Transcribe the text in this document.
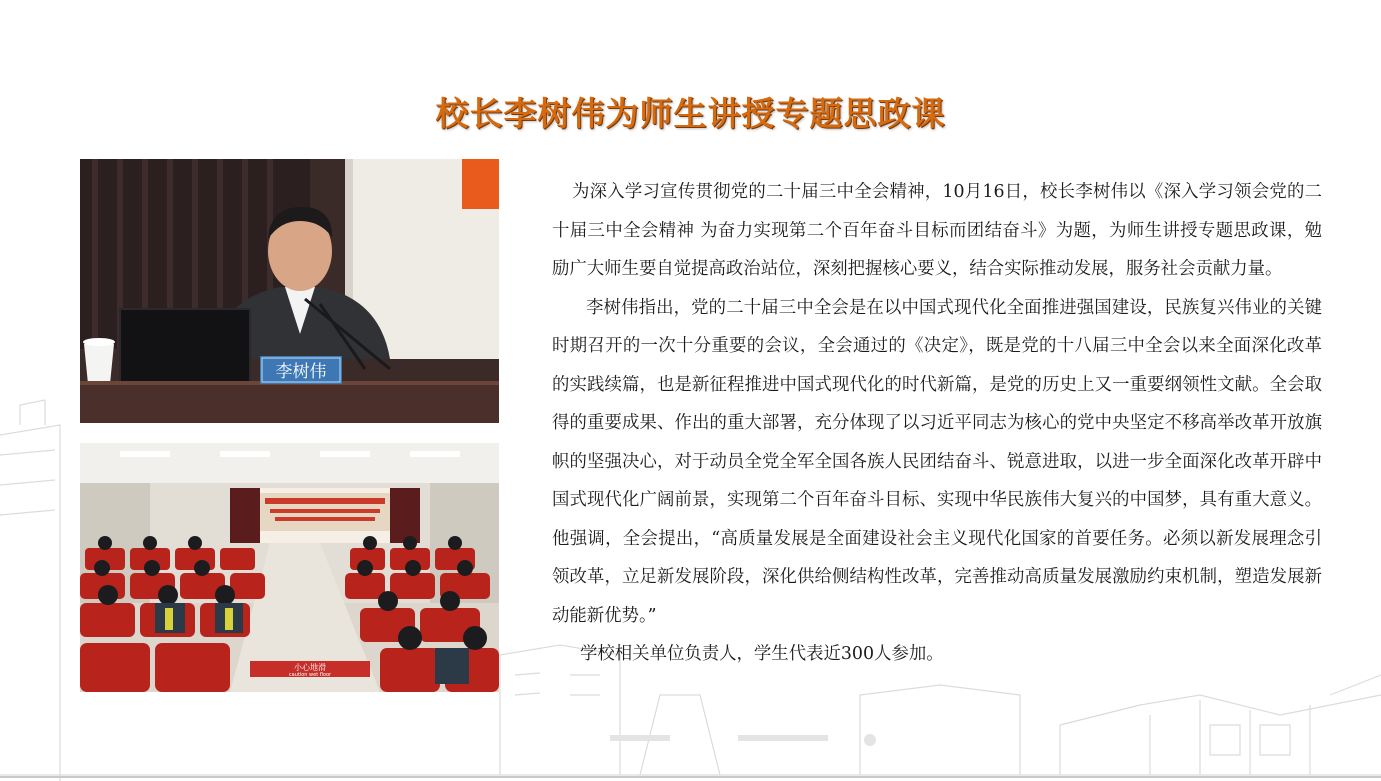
校长李树伟为师生讲授专题思政课
李树伟
小心地滑
caution wet floor

为深入学习宣传贯彻党的二十届三中全会精神，10月16日，校长李树伟以《深入学习领会党的二十届三中全会精神 为奋力实现第二个百年奋斗目标而团结奋斗》为题，为师生讲授专题思政课，勉励广大师生要自觉提高政治站位，深刻把握核心要义，结合实际推动发展，服务社会贡献力量。

李树伟指出，党的二十届三中全会是在以中国式现代化全面推进强国建设，民族复兴伟业的关键时期召开的一次十分重要的会议，全会通过的《决定》，既是党的十八届三中全会以来全面深化改革的实践续篇，也是新征程推进中国式现代化的时代新篇，是党的历史上又一重要纲领性文献。全会取得的重要成果、作出的重大部署，充分体现了以习近平同志为核心的党中央坚定不移高举改革开放旗帜的坚强决心，对于动员全党全军全国各族人民团结奋斗、锐意进取，以进一步全面深化改革开辟中国式现代化广阔前景，实现第二个百年奋斗目标、实现中华民族伟大复兴的中国梦，具有重大意义。他强调，全会提出，“高质量发展是全面建设社会主义现代化国家的首要任务。必须以新发展理念引领改革，立足新发展阶段，深化供给侧结构性改革，完善推动高质量发展激励约束机制，塑造发展新动能新优势。”

学校相关单位负责人，学生代表近300人参加。
